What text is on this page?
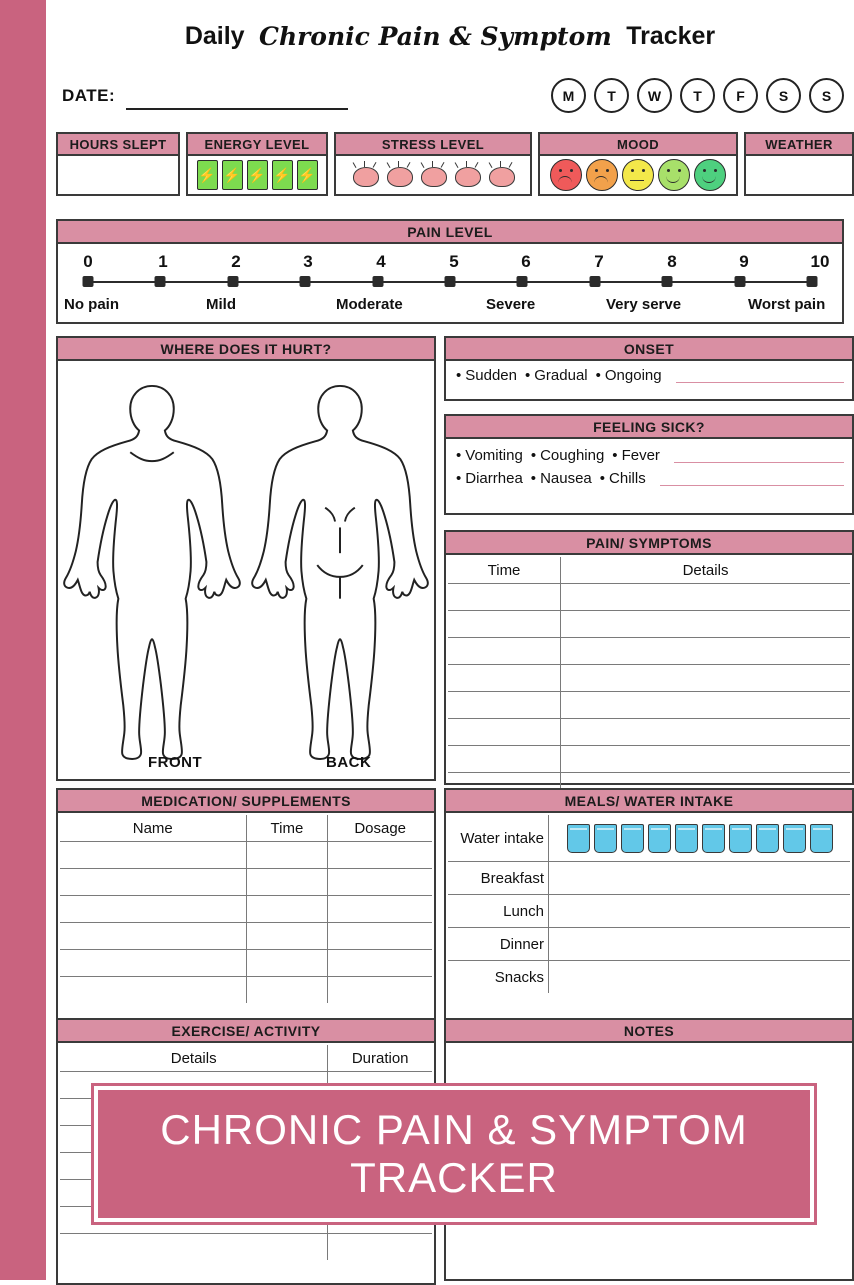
Daily Chronic Pain & Symptom Tracker
DATE:	M	T	W	T	F	S	S
HOURS SLEPT	ENERGY LEVEL
⚡ ⚡ ⚡ ⚡ ⚡
STRESS LEVEL	MOOD	WEATHER
PAIN LEVEL
0	1	2	3	4	5	6	7	8	9	10
No pain	Mild	Moderate	Severe	Very serve	Worst pain
WHERE DOES IT HURT?
FRONT	BACK
ONSET
• Sudden	• Gradual	• Ongoing
FEELING SICK?
• Vomiting	• Coughing	• Fever
• Diarrhea	• Nausea	• Chills
PAIN/ SYMPTOMS
Time	Details

MEDICATION/ SUPPLEMENTS
Name	Time	Dosage

MEALS/ WATER INTAKE
Water intake	

Breakfast	
Lunch	
Dinner	
Snacks	
EXERCISE/ ACTIVITY
Details	Duration

NOTES
CHRONIC PAIN & SYMPTOM
TRACKER
